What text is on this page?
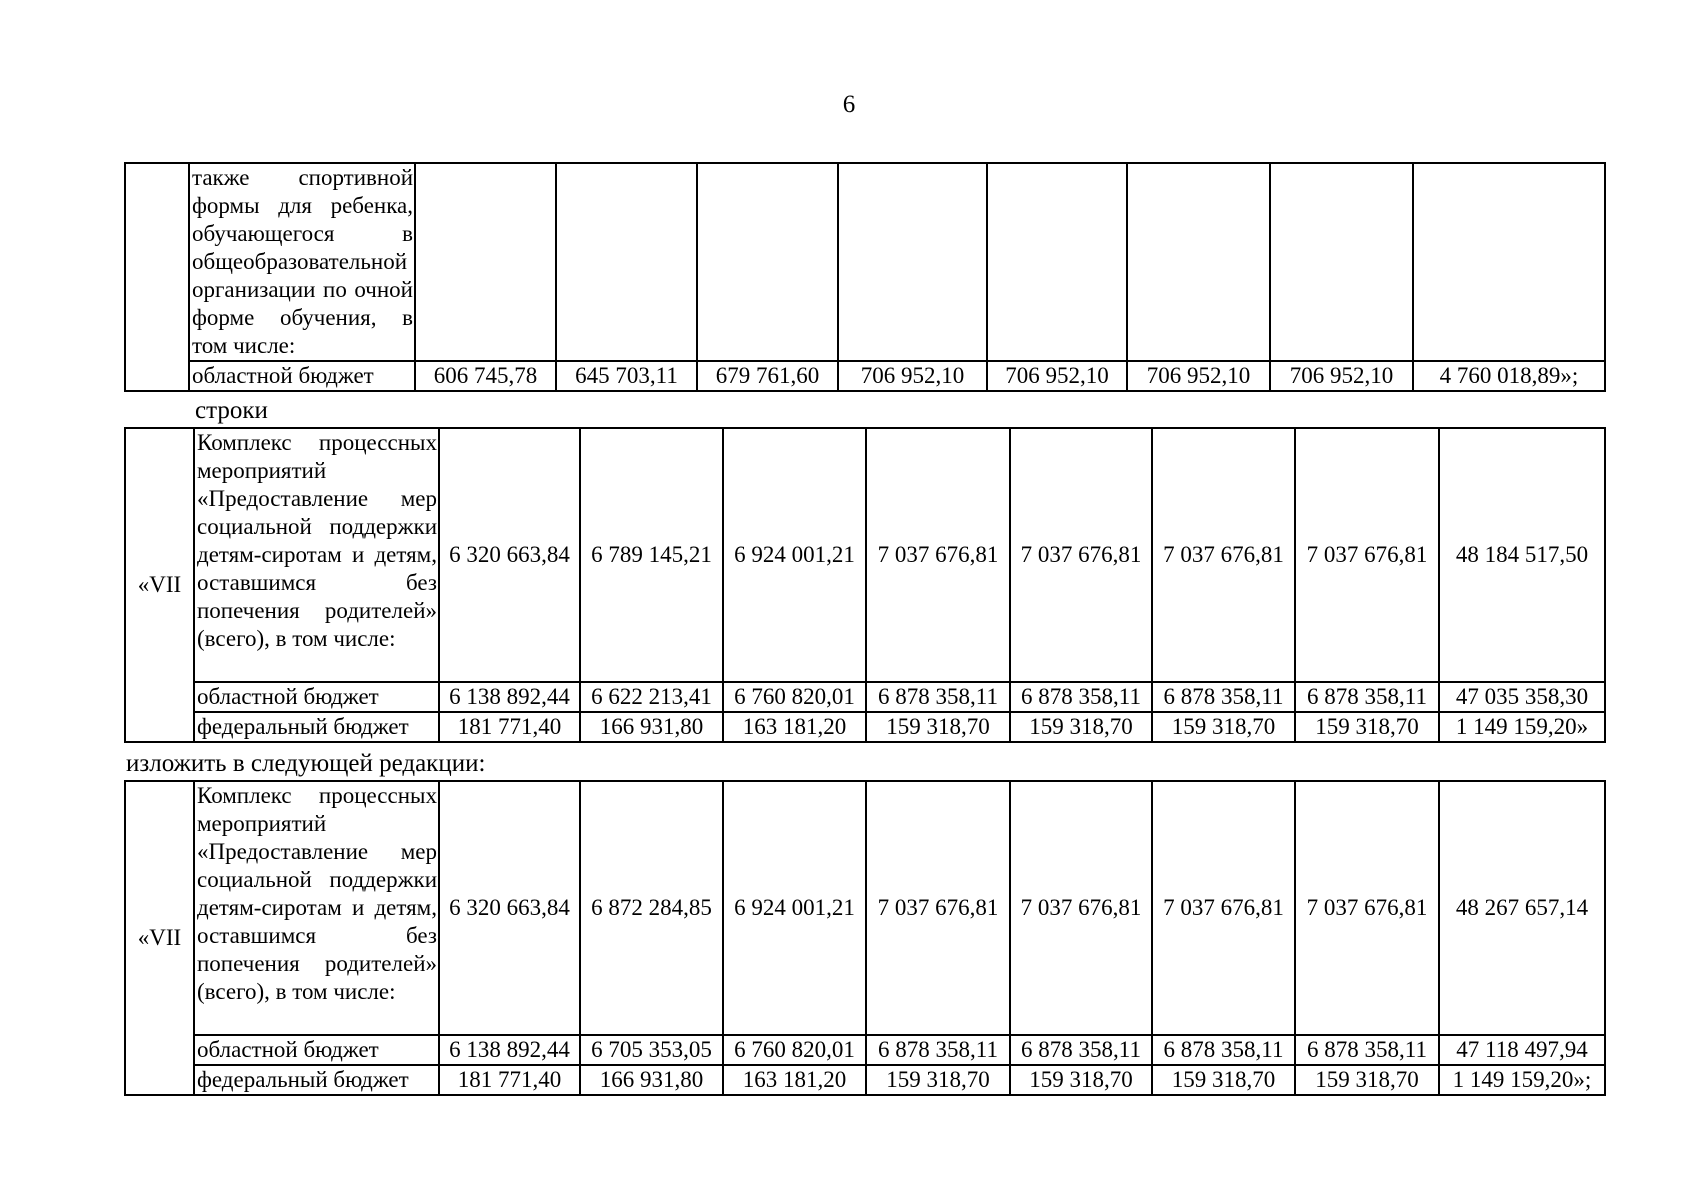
6
	также спортивной формы для ребенка, обучающегося в общеобразовательной организации по очной форме обучения, в том числе:								
	областной бюджет	606 745,78	645 703,11	679 761,60	706 952,10	706 952,10	706 952,10	706 952,10	4 760 018,89»;
строки
«VII	Комплекс процессных мероприятий «Предоставление мер социальной поддержки детям-сиротам и детям, оставшимся без попечения родителей» (всего), в том числе:	6 320 663,84	6 789 145,21	6 924 001,21	7 037 676,81	7 037 676,81	7 037 676,81	7 037 676,81	48 184 517,50
	областной бюджет	6 138 892,44	6 622 213,41	6 760 820,01	6 878 358,11	6 878 358,11	6 878 358,11	6 878 358,11	47 035 358,30
	федеральный бюджет	181 771,40	166 931,80	163 181,20	159 318,70	159 318,70	159 318,70	159 318,70	1 149 159,20»
изложить в следующей редакции:
«VII	Комплекс процессных мероприятий «Предоставление мер социальной поддержки детям-сиротам и детям, оставшимся без попечения родителей» (всего), в том числе:	6 320 663,84	6 872 284,85	6 924 001,21	7 037 676,81	7 037 676,81	7 037 676,81	7 037 676,81	48 267 657,14
	областной бюджет	6 138 892,44	6 705 353,05	6 760 820,01	6 878 358,11	6 878 358,11	6 878 358,11	6 878 358,11	47 118 497,94
	федеральный бюджет	181 771,40	166 931,80	163 181,20	159 318,70	159 318,70	159 318,70	159 318,70	1 149 159,20»;
